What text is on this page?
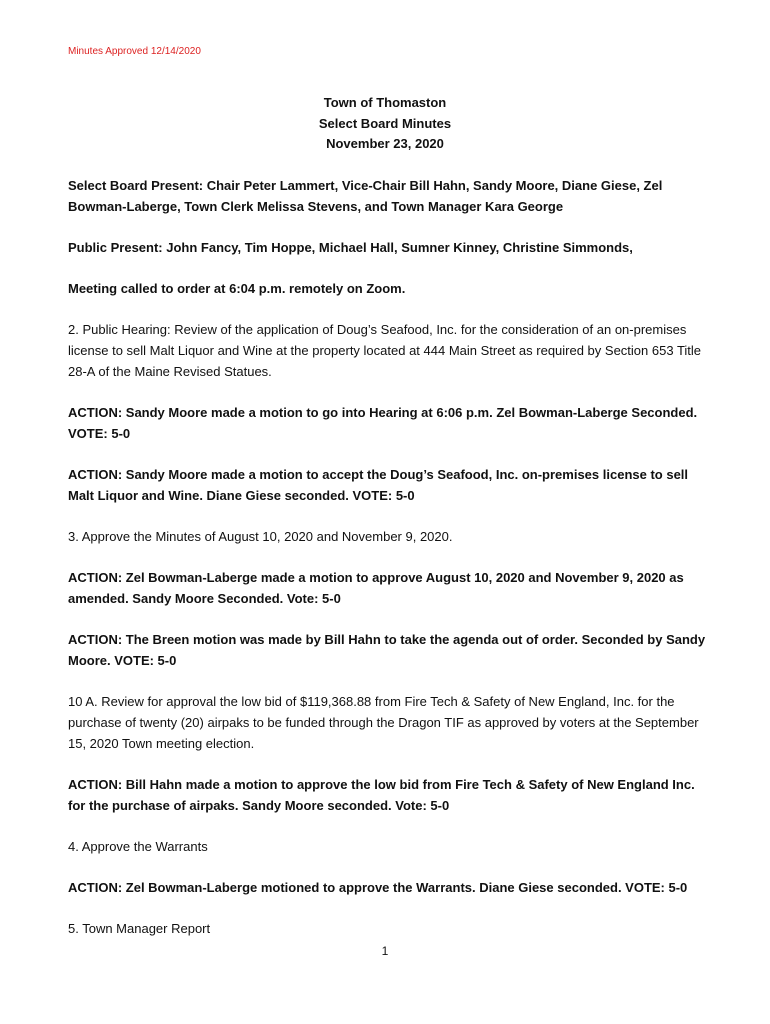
Minutes Approved 12/14/2020
Town of Thomaston
Select Board Minutes
November 23, 2020

Select Board Present: Chair Peter Lammert, Vice-Chair Bill Hahn, Sandy Moore, Diane Giese, Zel Bowman-Laberge, Town Clerk Melissa Stevens, and Town Manager Kara George

Public Present: John Fancy, Tim Hoppe, Michael Hall, Sumner Kinney, Christine Simmonds,

Meeting called to order at 6:04 p.m. remotely on Zoom.

2. Public Hearing: Review of the application of Doug’s Seafood, Inc. for the consideration of an on-premises license to sell Malt Liquor and Wine at the property located at 444 Main Street as required by Section 653 Title 28-A of the Maine Revised Statues.

ACTION: Sandy Moore made a motion to go into Hearing at 6:06 p.m. Zel Bowman-Laberge Seconded. VOTE: 5-0

ACTION: Sandy Moore made a motion to accept the Doug’s Seafood, Inc. on-premises license to sell Malt Liquor and Wine. Diane Giese seconded. VOTE: 5-0

3. Approve the Minutes of August 10, 2020 and November 9, 2020.

ACTION: Zel Bowman-Laberge made a motion to approve August 10, 2020 and November 9, 2020 as amended. Sandy Moore Seconded. Vote: 5-0

ACTION: The Breen motion was made by Bill Hahn to take the agenda out of order. Seconded by Sandy Moore. VOTE: 5-0

10 A. Review for approval the low bid of $119,368.88 from Fire Tech & Safety of New England, Inc. for the purchase of twenty (20) airpaks to be funded through the Dragon TIF as approved by voters at the September 15, 2020 Town meeting election.

ACTION: Bill Hahn made a motion to approve the low bid from Fire Tech & Safety of New England Inc. for the purchase of airpaks. Sandy Moore seconded. Vote: 5-0

4. Approve the Warrants

ACTION: Zel Bowman-Laberge motioned to approve the Warrants. Diane Giese seconded. VOTE: 5-0

5. Town Manager Report

1
